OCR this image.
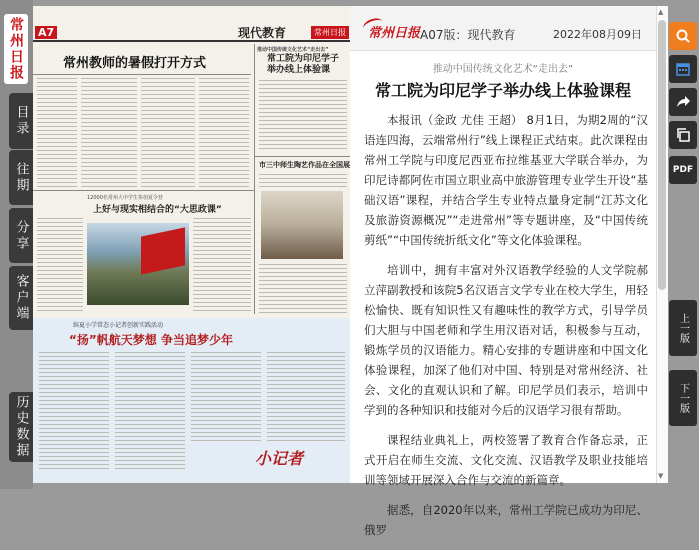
常州日报
目录
往期
分享
客户端
历史数据
A7	现代教育	常州日报
常州教师的暑假打开方式
推动中国传统文化艺术“走出去”
常工院为印尼学子举办线上体验课
市三中师生陶艺作品在全国展
12000名常州大中学生参加夏令营
上好与现实相结合的“大思政课”
缤夏小学常态小记者创新实践活动
“扬”帆航天梦想 争当追梦少年
小记者
常州日报 A07版：现代教育	2022年08月09日
推动中国传统文化艺术“走出去”
常工院为印尼学子举办线上体验课程

本报讯（金政 尤佳 王超） 8月1日，为期2周的“汉语连四海，云端常州行”线上课程正式结束。此次课程由常州工学院与印度尼西亚布拉维基亚大学联合举办，为印尼诗都阿佐市国立职业高中旅游管理专业学生开设“基础汉语”课程，并结合学生专业特点量身定制“江苏文化及旅游资源概况”“走进常州”等专题讲座，及“中国传统剪纸”“中国传统折纸文化”等文化体验课程。

培训中，拥有丰富对外汉语教学经验的人文学院郝立萍副教授和该院5名汉语言文学专业在校大学生，用轻松愉快、既有知识性又有趣味性的教学方式，引导学员们大胆与中国老师和学生用汉语对话，积极参与互动，锻炼学员的汉语能力。精心安排的专题讲座和中国文化体验课程，加深了他们对中国、特别是对常州经济、社会、文化的直观认识和了解。印尼学员们表示，培训中学到的各种知识和技能对今后的汉语学习很有帮助。

课程结业典礼上，两校签署了教育合作备忘录，正式开启在师生交流、文化交流、汉语教学及职业技能培训等领域开展深入合作与交流的新篇章。

据悉，自2020年以来，常州工学院已成功为印尼、俄罗

▲
▼
PDF
上一版
下一版
